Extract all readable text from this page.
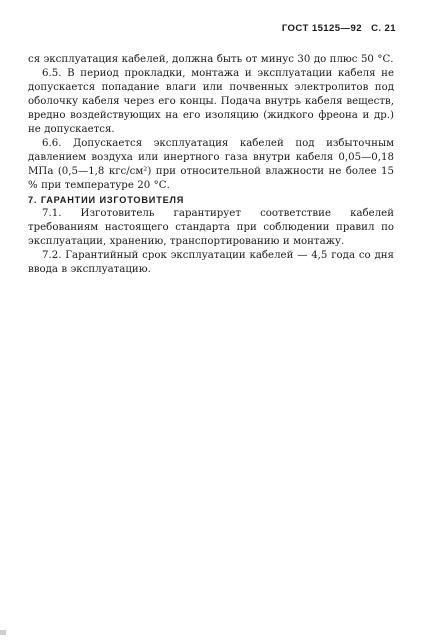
ГОСТ 15125—92 С. 21

ся эксплуатация кабелей, должна быть от минус 30 до плюс 50 °С.

6.5. В период прокладки, монтажа и эксплуатации кабеля не допускается попадание влаги или почвенных электролитов под оболочку кабеля через его концы. Подача внутрь кабеля веществ, вредно воздействующих на его изоляцию (жидкого фреона и др.) не допускается.

6.6. Допускается эксплуатация кабелей под избыточным давлением воздуха или инертного газа внутри кабеля 0,05—0,18 МПа (0,5—1,8 кгс/см²) при относительной влажности не более 15 % при температуре 20 °С.

7. ГАРАНТИИ ИЗГОТОВИТЕЛЯ

7.1. Изготовитель гарантирует соответствие кабелей требованиям настоящего стандарта при соблюдении правил по эксплуатации, хранению, транспортированию и монтажу.

7.2. Гарантийный срок эксплуатации кабелей — 4,5 года со дня ввода в эксплуатацию.
